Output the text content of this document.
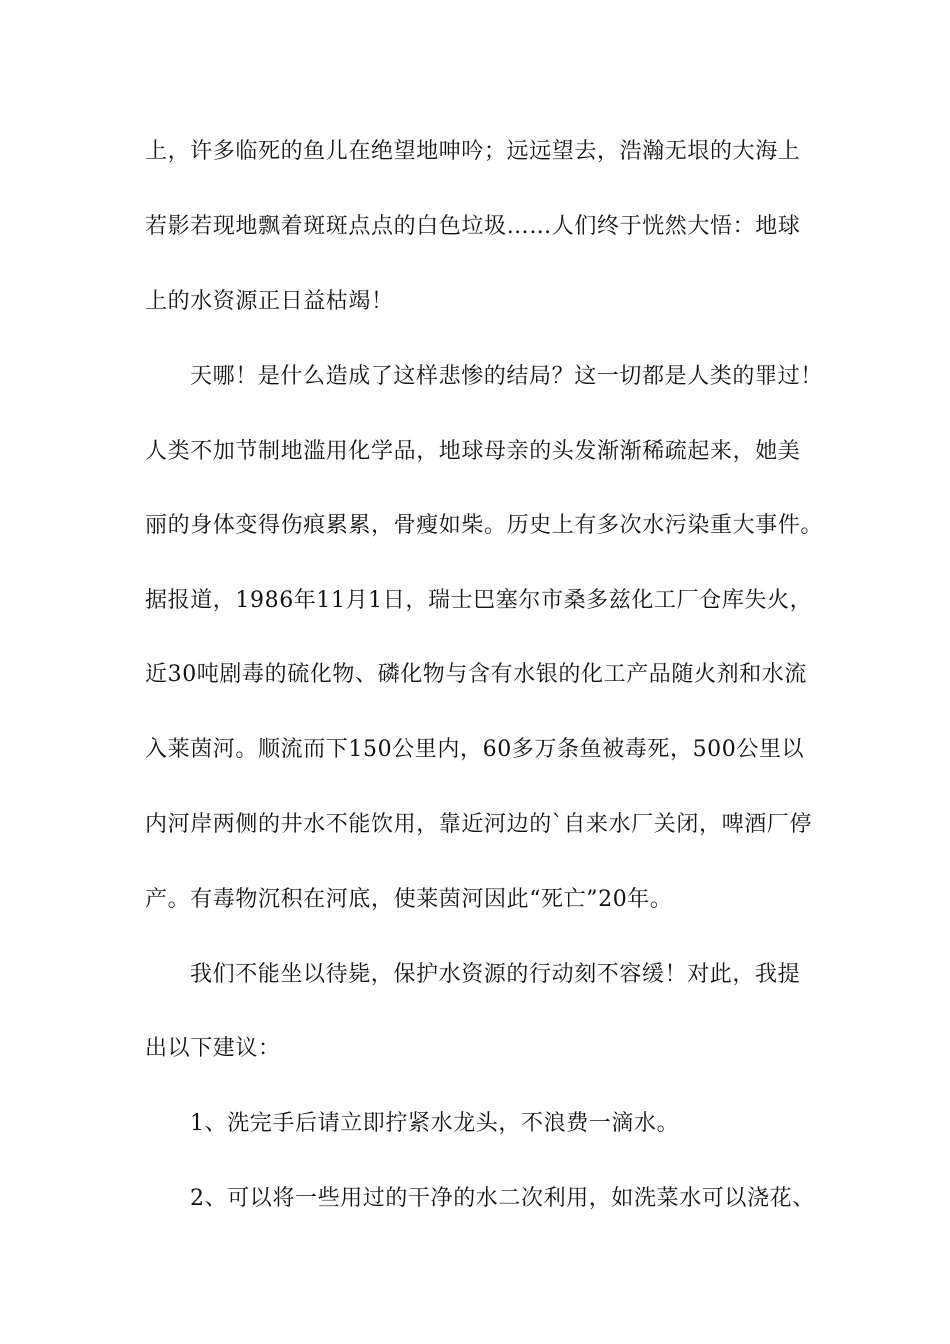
上，许多临死的鱼儿在绝望地呻吟；远远望去，浩瀚无垠的大海上
若影若现地飘着斑斑点点的白色垃圾……人们终于恍然大悟：地球
上的水资源正日益枯竭！
天哪！是什么造成了这样悲惨的结局？这一切都是人类的罪过！
人类不加节制地滥用化学品，地球母亲的头发渐渐稀疏起来，她美
丽的身体变得伤痕累累，骨瘦如柴。历史上有多次水污染重大事件。
据报道，1986年11月1日，瑞士巴塞尔市桑多兹化工厂仓库失火，
近30吨剧毒的硫化物、磷化物与含有水银的化工产品随火剂和水流
入莱茵河。顺流而下150公里内，60多万条鱼被毒死，500公里以
内河岸两侧的井水不能饮用，靠近河边的`自来水厂关闭，啤酒厂停
产。有毒物沉积在河底，使莱茵河因此“死亡”20年。
我们不能坐以待毙，保护水资源的行动刻不容缓！对此，我提
出以下建议：
1、洗完手后请立即拧紧水龙头，不浪费一滴水。
2、可以将一些用过的干净的水二次利用，如洗菜水可以浇花、
